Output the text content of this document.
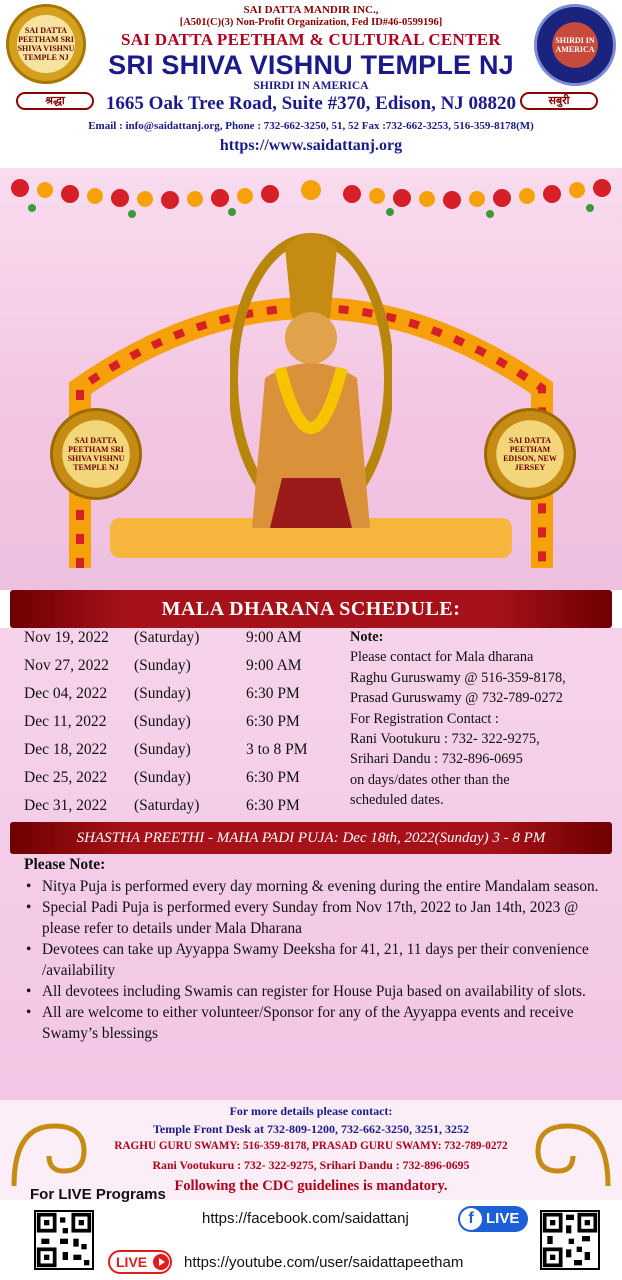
SAI DATTA PEETHAM SRI SHIVA VISHNU TEMPLE NJ
SHIRDI IN AMERICA
श्रद्धा	सबुरी
SAI DATTA MANDIR INC.,
[A501(C)(3) Non-Profit Organization, Fed ID#46-0599196]
SAI DATTA PEETHAM & CULTURAL CENTER
SRI SHIVA VISHNU TEMPLE NJ
SHIRDI IN AMERICA
1665 Oak Tree Road, Suite #370, Edison, NJ 08820
Email : info@saidattanj.org, Phone : 732-662-3250, 51, 52 Fax :732-662-3253, 516-359-8178(M)
https://www.saidattanj.org
SAI DATTA PEETHAM SRI SHIVA VISHNU TEMPLE NJ
SAI DATTA PEETHAM EDISON, NEW JERSEY
MALA DHARANA SCHEDULE:
Nov 19, 2022	(Saturday)	9:00 AM
Nov 27, 2022	(Sunday)	9:00 AM
Dec 04, 2022	(Sunday)	6:30 PM
Dec 11, 2022	(Sunday)	6:30 PM
Dec 18, 2022	(Sunday)	3 to 8 PM
Dec 25, 2022	(Sunday)	6:30 PM
Dec 31, 2022	(Saturday)	6:30 PM
Note:
Please contact for Mala dharana
Raghu Guruswamy @ 516-359-8178,
Prasad Guruswamy @ 732-789-0272
For Registration Contact :
Rani Vootukuru : 732- 322-9275,
Srihari Dandu : 732-896-0695
on days/dates other than the
scheduled dates.
SHASTHA PREETHI - MAHA PADI PUJA: Dec 18th, 2022(Sunday) 3 - 8 PM
Please Note:
• Nitya Puja is performed every day morning & evening during the entire Mandalam season.
• Special Padi Puja is performed every Sunday from Nov 17th, 2022 to Jan 14th, 2023 @ please refer to details under Mala Dharana
• Devotees can take up Ayyappa Swamy Deeksha for 41, 21, 11 days per their convenience /availability
• All devotees including Swamis can register for House Puja based on availability of slots.
• All are welcome to either volunteer/Sponsor for any of the Ayyappa events and receive Swamy’s blessings
For more details please contact:
Temple Front Desk at 732-809-1200, 732-662-3250, 3251, 3252
RAGHU GURU SWAMY: 516-359-8178, PRASAD GURU SWAMY: 732-789-0272
Rani Vootukuru : 732- 322-9275, Srihari Dandu : 732-896-0695
Following the CDC guidelines is mandatory.
For LIVE Programs
https://facebook.com/saidattanj	f LIVE
LIVE	https://youtube.com/user/saidattapeetham
